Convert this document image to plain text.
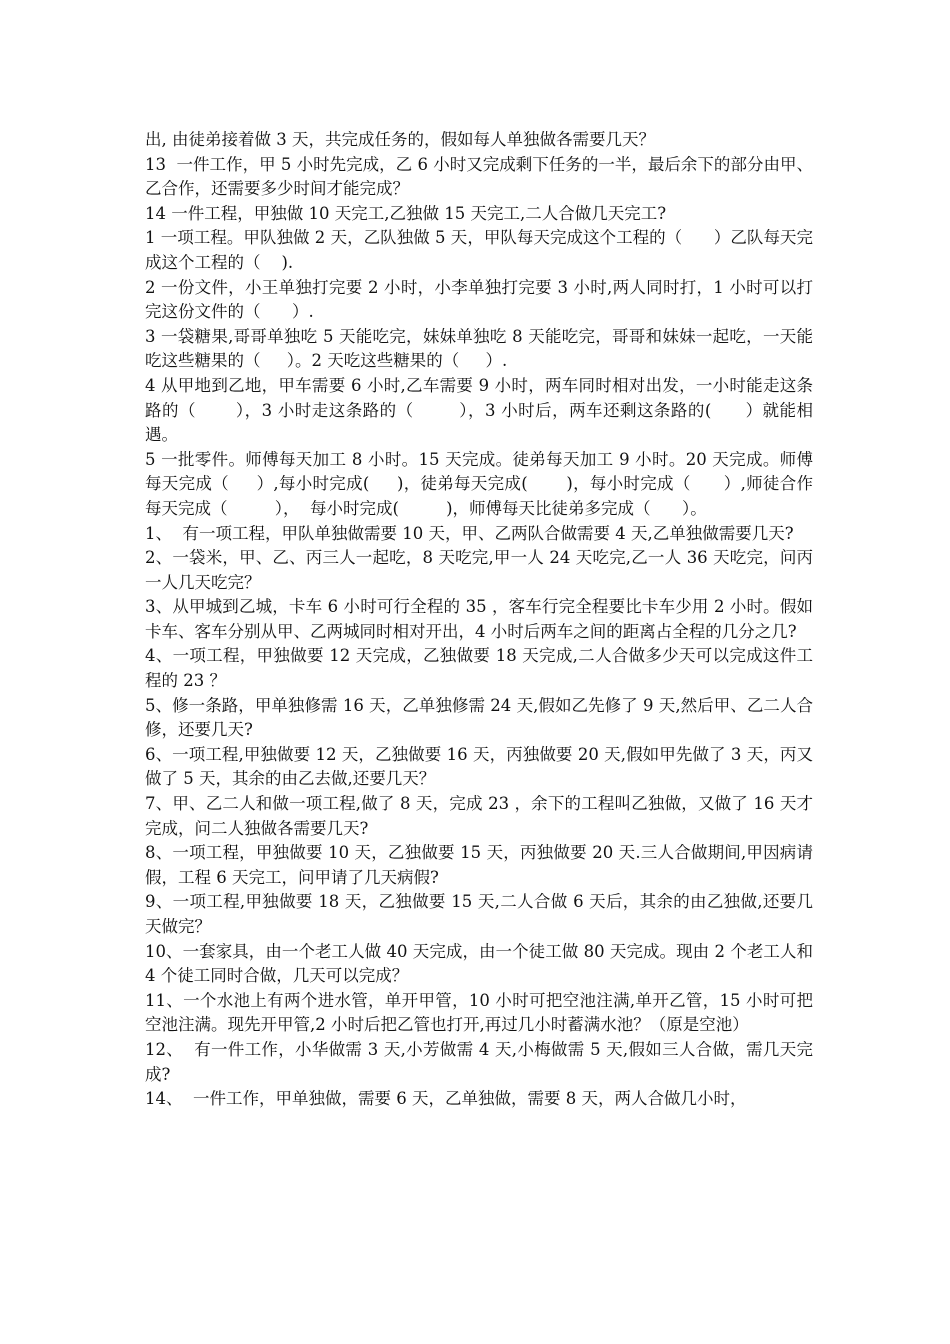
出, 由徒弟接着做 3 天，共完成任务的，假如每人单独做各需要几天？

13  一件工作，甲 5 小时先完成，乙 6 小时又完成剩下任务的一半，最后余下的部分由甲、乙合作，还需要多少时间才能完成？

14 一件工程，甲独做 10 天完工,乙独做 15 天完工,二人合做几天完工?

1 一项工程。甲队独做 2 天，乙队独做 5 天，甲队每天完成这个工程的（      ）乙队每天完成这个工程的（    ).

2 一份文件，小王单独打完要 2 小时，小李单独打完要 3 小时,两人同时打，1 小时可以打完这份文件的（      ）.

3 一袋糖果,哥哥单独吃 5 天能吃完，妹妹单独吃 8 天能吃完，哥哥和妹妹一起吃，一天能吃这些糖果的（     ）。2 天吃这些糖果的（     ）.

4 从甲地到乙地，甲车需要 6 小时,乙车需要 9 小时，两车同时相对出发，一小时能走这条路的（       ），3 小时走这条路的（        ），3 小时后，两车还剩这条路的(      ）就能相遇。

5 一批零件。师傅每天加工 8 小时。15 天完成。徒弟每天加工 9 小时。20 天完成。师傅每天完成（     ）,每小时完成(     )，徒弟每天完成(       )，每小时完成（      ）,师徒合作每天完成（         ），  每小时完成(         )，师傅每天比徒弟多完成（      ）。

1、  有一项工程，甲队单独做需要 10 天，甲、乙两队合做需要 4 天,乙单独做需要几天?

2、一袋米，甲、乙、丙三人一起吃，8 天吃完,甲一人 24 天吃完,乙一人 36 天吃完，问丙一人几天吃完？

3、从甲城到乙城，卡车 6 小时可行全程的 35 ，客车行完全程要比卡车少用 2 小时。假如卡车、客车分别从甲、乙两城同时相对开出，4 小时后两车之间的距离占全程的几分之几?

4、一项工程，甲独做要 12 天完成，乙独做要 18 天完成,二人合做多少天可以完成这件工程的 23 ？

5、修一条路，甲单独修需 16 天，乙单独修需 24 天,假如乙先修了 9 天,然后甲、乙二人合修，还要几天?

6、一项工程,甲独做要 12 天，乙独做要 16 天，丙独做要 20 天,假如甲先做了 3 天，丙又做了 5 天，其余的由乙去做,还要几天？

7、甲、乙二人和做一项工程,做了 8 天，完成 23 ，余下的工程叫乙独做，又做了 16 天才完成，问二人独做各需要几天?

8、一项工程，甲独做要 10 天，乙独做要 15 天，丙独做要 20 天.三人合做期间,甲因病请假，工程 6 天完工，问甲请了几天病假?

9、一项工程,甲独做要 18 天，乙独做要 15 天,二人合做 6 天后，其余的由乙独做,还要几天做完？

10、一套家具，由一个老工人做 40 天完成，由一个徒工做 80 天完成。现由 2 个老工人和 4 个徒工同时合做，几天可以完成？

11、一个水池上有两个进水管，单开甲管，10 小时可把空池注满,单开乙管，15 小时可把空池注满。现先开甲管,2 小时后把乙管也打开,再过几小时蓄满水池？（原是空池）

12、  有一件工作，小华做需 3 天,小芳做需 4 天,小梅做需 5 天,假如三人合做，需几天完成?

14、  一件工作，甲单独做，需要 6 天，乙单独做，需要 8 天，两人合做几小时，
